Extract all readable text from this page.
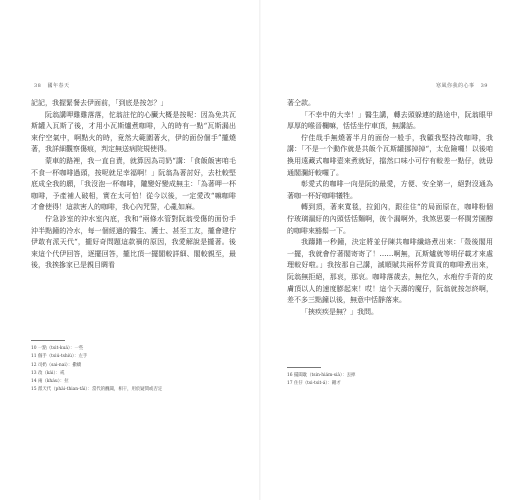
38 國年春天

記記，我握緊餐去伊面前，「到底是按怎？」

阮翁講呷雞雞落落，佗翁註佗的心臟大概是按呢：因為免共瓦斯罐入瓦斯了後，才用小瓦斯爐煮咖啡，入的時有一點“瓦斯漏出來佇空氣中，啊點火的時，竟然大範圍著火，伊的面份個手”攏燒著，我詳細觀察傷痕，判定無送病院規使得。

蒙車的路裡，我一直自責，就算因為司奶“講：「食飯飯害咱毛不食一杯咖啡過頭，按呢就足幸福啊！」阮翁為著討好，去杜較堅底成全我的願，「我沒泡一杯咖啡，隴變好變成無主：「為著呷一杯咖啡，予產補人破相，實在太可怕！從今以後，一定愛改“嘛咖啡才會使得！這款害人的咖啡，我心內咒誓，心亂如麻。

佇急診室的沖水室內底，我和“兩條水管對阮翁受傷的面份手沖半點鐘的冷水，每一個經過的醫生、護士、甚至工友，攏會建佇伊敢有派天代“，攏好奇問題這款禍的原因，我愛解說是攏著。後來這个代伊回答，逐擺回答，攏比頂一擺閣較詳細、閣較親至，最後，我挨摻家已是親目睭看

10 一點（tsit-kuá）：一些
11 個手（tsiú-tshiù）：左手
12 司奶（sai-nai）：撒嬌
13 改（kái）：戒
14 兩（kháu）：拉
15 派天代（phài-thian-tāi）：當代的醜聞，相干，用於疑問或否定
寒風你我的心事 39

著仝款。

「不幸中的大幸！」醫生講，轉去頭躲連的路途中，阮翁眼甲厚厚的喉晉欄嘛，恬恬坐佇車頂，無講話。

佇佳哉手無燒著半月的面份一般手，我顧我堅持改咖啡，我講：「不是一个動作就是共飯个瓦斯罐挪掉掉“，太危險囉！以後咱換用遠藏式咖啡壺來煮就好，擋然口味小可佇有較差一點仔，就毋通閣瀾紆較囉了。

彰愛式的咖啡一向是阮的最愛，方便、安全第一，絕對沒通為著咖一杯好咖啡犧牲。

轉到頂，著來寬毯，拉釦內，跟往住“的局面原在，咖啡粉個佇玻璃漏紆的內頭恬恬麵啊，彼个漏啊外，我煞思要一杯閩芳園醇的咖啡來豁鬃一下。

我躊躇一秒鐘，決定將並仔陳共咖啡纖絡煮出來：「殼後閣用一擺，我就會佇著閣寄寄了！……啊無，瓦斯爐就等明仔載才來處理較好啦。」我按那自己講，滅順賦共兩杯芳貢貢的咖啡煮出來，阮翁無拒絕，那哀，那哀。咖啡落歲去，無佗久，水疱佇手背的皮膚頂以人的速度膨起來！哎！這个天壽的魔仔，阮翁就按怎終啊，差不多三點鐘以後，無意中恬靜落來。

「挾疾疾是無？」我問。

16 擺閩耽（tsin-hiám-sià）：丟掉
17 住仔（tsi-tsit-á）：剛才
